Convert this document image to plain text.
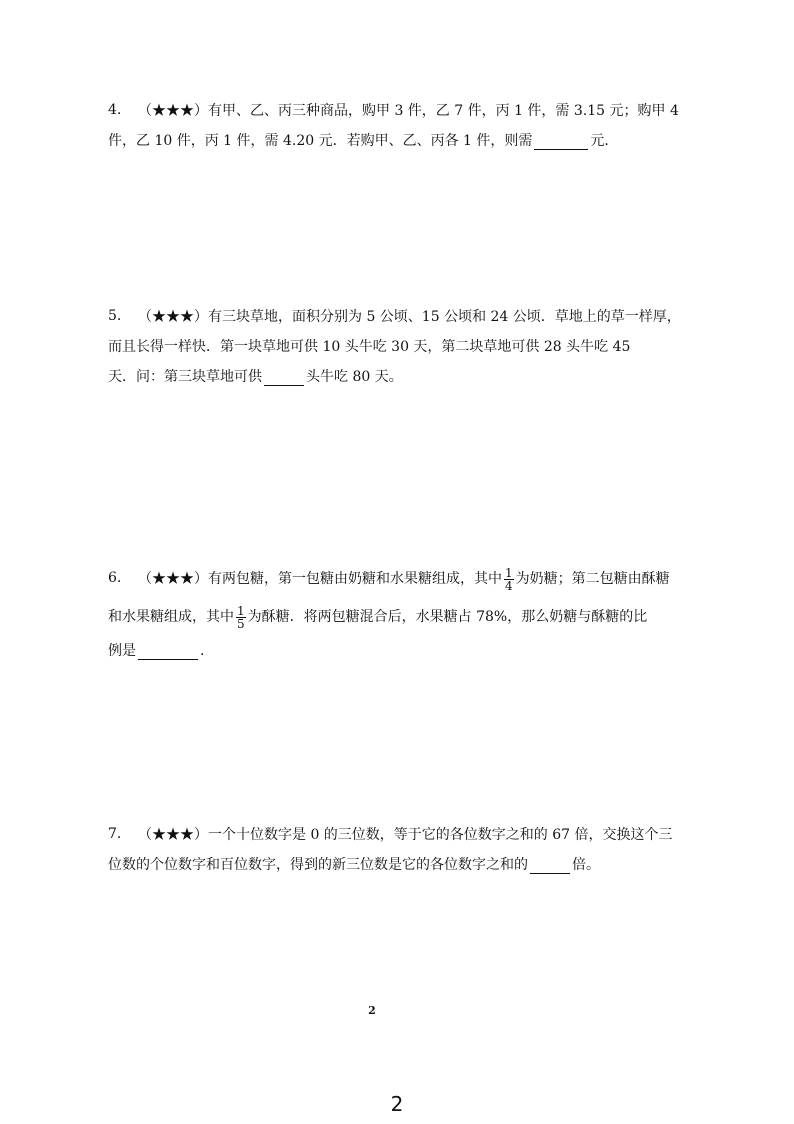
4. （★★★）有甲、乙、丙三种商品，购甲 3 件，乙 7 件，丙 1 件，需 3.15 元；购甲 4
件，乙 10 件，丙 1 件，需 4.20 元．若购甲、乙、丙各 1 件，则需	元．
5. （★★★）有三块草地，面积分别为 5 公顷、15 公顷和 24 公顷．草地上的草一样厚，
而且长得一样快．第一块草地可供 10 头牛吃 30 天，第二块草地可供 28 头牛吃 45
天．问：第三块草地可供	头牛吃 80 天。
6. （★★★）有两包糖，第一包糖由奶糖和水果糖组成，其中 $\frac{1}{4}$ 为奶糖；第二包糖由酥糖
和水果糖组成，其中 $\frac{1}{5}$ 为酥糖．将两包糖混合后，水果糖占 78%，那么奶糖与酥糖的比
例是	.
7. （★★★）一个十位数字是 0 的三位数，等于它的各位数字之和的 67 倍，交换这个三
位数的个位数字和百位数字，得到的新三位数是它的各位数字之和的	倍。
2
2
